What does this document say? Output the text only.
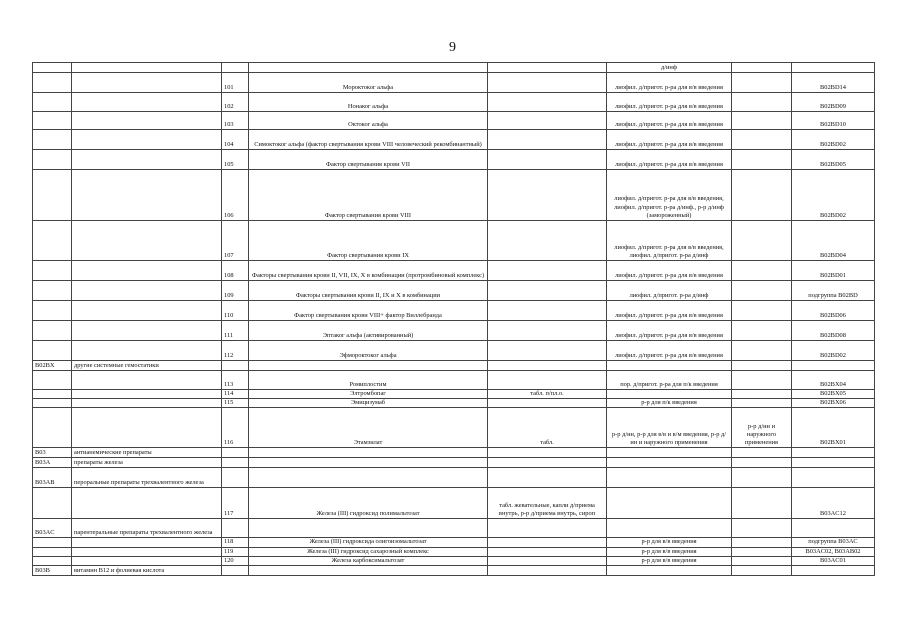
9
					д/инф		
		101	Мороктоког альфа		лиофил. д/пригот. р-ра для в/в введения		B02BD14
		102	Нонаког альфа		лиофил. д/пригот. р-ра для в/в введения		B02BD09
		103	Октоког альфа		лиофил. д/пригот. р-ра для в/в введения		B02BD10
		104	Симоктоког альфа (фактор свертывания крови VIII человеческий рекомбинантный)		лиофил. д/пригот. р-ра для в/в введения		B02BD02
		105	Фактор свертывания крови VII		лиофил. д/пригот. р-ра для в/в введения		B02BD05
		106	Фактор свертывания крови VIII		лиофил. д/пригот. р-ра для в/в введения, лиофил. д/пригот. р-ра д/инф., р-р д/инф (замороженный)		B02BD02
		107	Фактор свертывания крови IX		лиофил. д/пригот. р-ра для в/в введения, лиофил. д/пригот. р-ра д/инф		B02BD04
		108	Факторы свертывания крови II, VII, IX, X в комбинации (протромбиновый комплекс)		лиофил. д/пригот. р-ра для в/в введения		B02BD01
		109	Факторы свертывания крови II, IX и X в комбинации		лиофил. д/пригот. р-ра д/инф		подгруппа B02BD
		110	Фактор свертывания крови VIII+ фактор Виллебранда		лиофил. д/пригот. р-ра для в/в введения		B02BD06
		111	Эптаког альфа (активированный)		лиофил. д/пригот. р-ра для в/в введения		B02BD08
		112	Эфмороктоког альфа		лиофил. д/пригот. р-ра для в/в введения		B02BD02
B02BX	другие системные гемостатики						
		113	Ромиплостим		пор. д/пригот. р-ра для п/к введения		B02BX04
		114	Элтромбопаг	табл. п/пл.о.			B02BX05
		115	Эмицизумаб		р-р для п/к введения		B02BX06
		116	Этамзилат	табл.	р-р д/ин, р-р для в/в и в/м введения, р-р д/ин и наружного применения	р-р д/ин и наружного применения	B02BX01
B03	антианемические препараты						
B03A	препараты железа						
B03AB	пероральные препараты трехвалентного железа						
		117	Железа (III) гидроксид полимальтозат	табл. жевательные, капли д/приема внутрь, р-р д/приема внутрь, сироп			B03AC12
B03AC	парентеральные препараты трехвалентного железа						
		118	Железа (III) гидроксида олигоизомальтозат		р-р для в/в введения		подгруппа B03AC
		119	Железа (III) гидроксид сахарозный комплекс		р-р для в/в введения		B03AC02, B03AB02
		120	Железа карбоксимальтозат		р-р для в/в введения		B03AC01
B03B	витамин B12 и фолиевая кислота						
